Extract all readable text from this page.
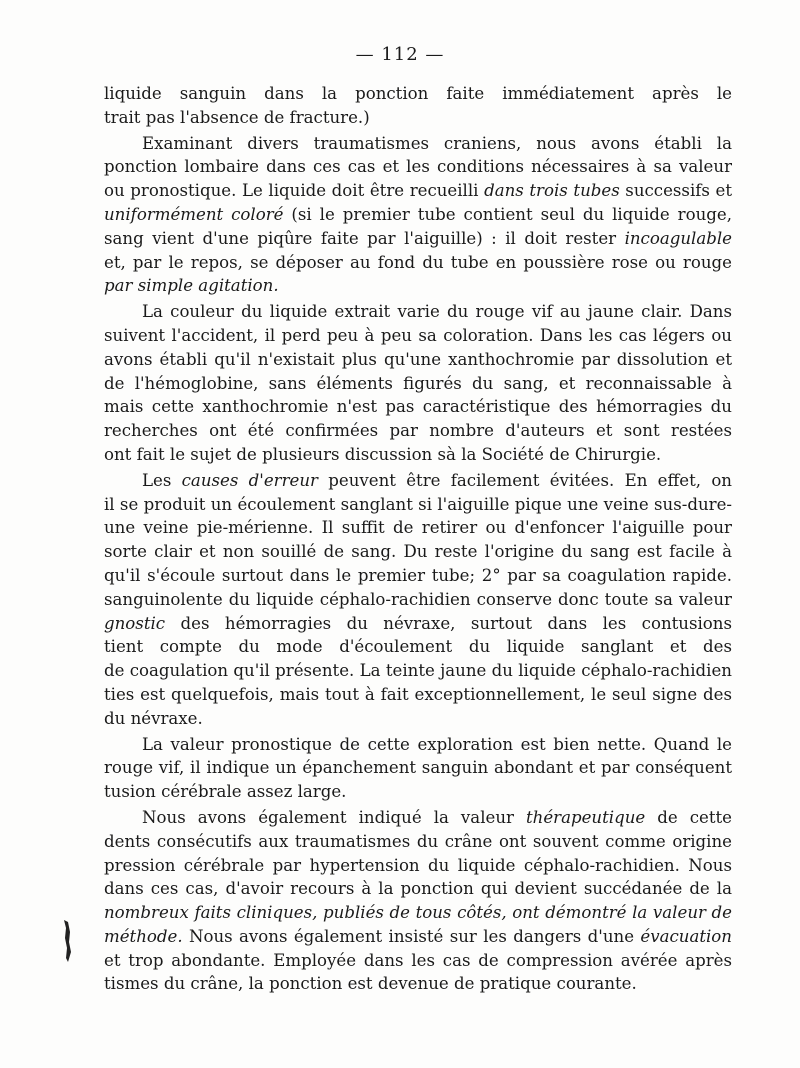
— 112 —
liquide sanguin dans la ponction faite immédiatement après le
trait pas l'absence de fracture.)
Examinant divers traumatismes craniens, nous avons établi la
ponction lombaire dans ces cas et les conditions nécessaires à sa valeur
ou pronostique. Le liquide doit être recueilli dans trois tubes successifs et
uniformément coloré (si le premier tube contient seul du liquide rouge,
sang vient d'une piqûre faite par l'aiguille) : il doit rester incoagulable
et, par le repos, se déposer au fond du tube en poussière rose ou rouge
par simple agitation.
La couleur du liquide extrait varie du rouge vif au jaune clair. Dans
suivent l'accident, il perd peu à peu sa coloration. Dans les cas légers ou
avons établi qu'il n'existait plus qu'une xanthochromie par dissolution et
de l'hémoglobine, sans éléments figurés du sang, et reconnaissable à
mais cette xanthochromie n'est pas caractéristique des hémorragies du
recherches ont été confirmées par nombre d'auteurs et sont restées
ont fait le sujet de plusieurs discussion sà la Société de Chirurgie.
Les causes d'erreur peuvent être facilement évitées. En effet, on
il se produit un écoulement sanglant si l'aiguille pique une veine sus-dure-
une veine pie-mérienne. Il suffit de retirer ou d'enfoncer l'aiguille pour
sorte clair et non souillé de sang. Du reste l'origine du sang est facile à
qu'il s'écoule surtout dans le premier tube; 2° par sa coagulation rapide.
sanguinolente du liquide céphalo-rachidien conserve donc toute sa valeur
gnostic des hémorragies du névraxe, surtout dans les contusions
tient compte du mode d'écoulement du liquide sanglant et des
de coagulation qu'il présente. La teinte jaune du liquide céphalo-rachidien
ties est quelquefois, mais tout à fait exceptionnellement, le seul signe des
du névraxe.
La valeur pronostique de cette exploration est bien nette. Quand le
rouge vif, il indique un épanchement sanguin abondant et par conséquent
tusion cérébrale assez large.
Nous avons également indiqué la valeur thérapeutique de cette
dents consécutifs aux traumatismes du crâne ont souvent comme origine
pression cérébrale par hypertension du liquide céphalo-rachidien. Nous
dans ces cas, d'avoir recours à la ponction qui devient succédanée de la
nombreux faits cliniques, publiés de tous côtés, ont démontré la valeur de
méthode. Nous avons également insisté sur les dangers d'une évacuation
et trop abondante. Employée dans les cas de compression avérée après
tismes du crâne, la ponction est devenue de pratique courante.
